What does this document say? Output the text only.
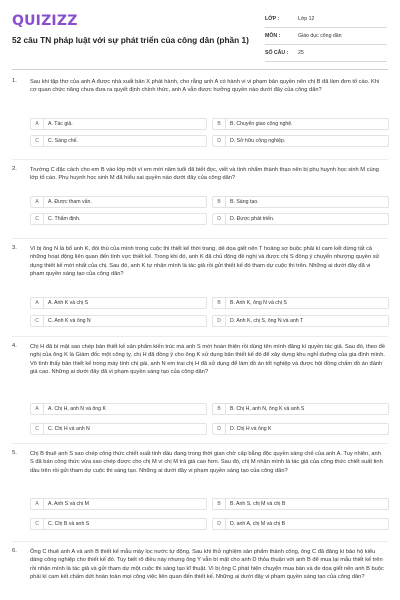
QUIZIZZ
52 câu TN pháp luật với sự phát triển của công dân (phần 1)
LỚP :	Lớp 12
MÔN :	Giáo dục công dân
SỐ CÂU : 25
1. Sau khi tập thơ của anh A được nhà xuất bản X phát hành, cho rằng anh A có hành vi vi phạm bản quyền nên chị B đã làm đơn tố cáo. Khi cơ quan chức năng chưa đưa ra quyết định chính thức, anh A vẫn được hưởng quyền nào dưới đây của công dân?
A	A. Tác giả.	B	B. Chuyển giao công nghệ.
C	C. Sáng chế.	D	D. Sở hữu công nghiệp.
2. Trường C đặc cách cho em B vào lớp một vì em mới năm tuổi đã biết đọc, viết và tính nhẩm thành thạo nên bị phụ huynh học sinh M cùng lớp tố cáo. Phụ huynh học sinh M đã hiểu sai quyền nào dưới đây của công dân?
A	A. Được tham vấn.	B	B. Sáng tạo.
C	C. Thẩm định.	D	D. Được phát triển.
3. Vì bị ông N là bố anh K, đòi thù của mình trong cuộc thi thiết kế thời trang, dẻ dọa giết nên T hoảng sợ buộc phải kí cam kết dừng tất cả những hoạt động liên quan đến tính vực thiết kế. Trong khi đó, anh K đã chủ động đề nghị và được chị S đồng ý chuyển nhượng quyền sử dụng thiết kế mới nhất của chị. Sau đó, anh K tự nhận mình là tác giả rồi gửi thiết kế đó tham dự cuộc thi trên. Những ai dưới đây đã vi phạm quyền sáng tạo của công dân?
A	A. Anh K và chị S	B	B. Anh K, ông N và chị S
C	C. Anh K và ông N	D	D. Anh K, chị S, ông N và anh T
4. Chị H đã bí mật sao chép bản thiết kế sản phẩm kiến trúc mà anh S mới hoàn thiện rồi dùng tên mình đăng kí quyền tác giả. Sau đó, theo đề nghị của ông K là Giám đốc một công ty, chị H đã đồng ý cho ông K sử dụng bản thiết kế đó để xây dựng khu nghỉ dưỡng của gia đình mình. Vô tình thấy bản thiết kế trong máy tính chị gái, anh N em trai chị H đã sử dụng để làm đồ án tốt nghiệp và được hội đồng chấm đồ án đánh giá cao. Những ai dưới đây đã vi phạm quyền sáng tạo của công dân?
A	A. Chị H, anh N và ông K	B	B. Chị H, anh N, ông K và anh S
C	C. Chị H và anh N	D	D. Chị H và ông K
5. Chị B thuê anh S sao chép công thức chiết suất tinh dầu đang trong thời gian chờ cấp bằng độc quyền sáng chế của anh A. Tuy nhiên, anh S đã bán công thức vừa sao chép được cho chị M vì chị M trả giá cao hơn. Sau đó, chị M nhận mình là tác giả của công thức chiết suất tinh dầu trên rồi gửi tham dự cuộc thi sáng tạo. Những ai dưới đây vi phạm quyền sáng tạo của công dân?
A	A. Anh S và chị M	B	B. Anh S, chị M và chị B
C	C. Chị B và anh S	D	D. anh A, chị M và chị B
6. Ông C thuê anh A và anh B thiết kế mẫu máy lọc nước tự động. Sau khi thử nghiệm sản phẩm thành công, ông C đã đăng kí bảo hộ kiểu dáng công nghiệp cho thiết kế đó. Tuy biết rõ điều này nhưng ông Y vẫn bí mật cho anh D thỏa thuận với anh B để mua lại mẫu thiết kế trên rồi nhận mình là tác giả và gửi tham dự một cuộc thi sáng tạo kĩ thuật. Vì bị ông C phát hiện chuyện mua bán và đe dọa giết nên anh B buộc phải kí cam kết chấm dứt hoàn toàn mọi công việc liên quan đến thiết kế. Những ai dưới đây vi phạm quyền sáng tạo của công dân?
